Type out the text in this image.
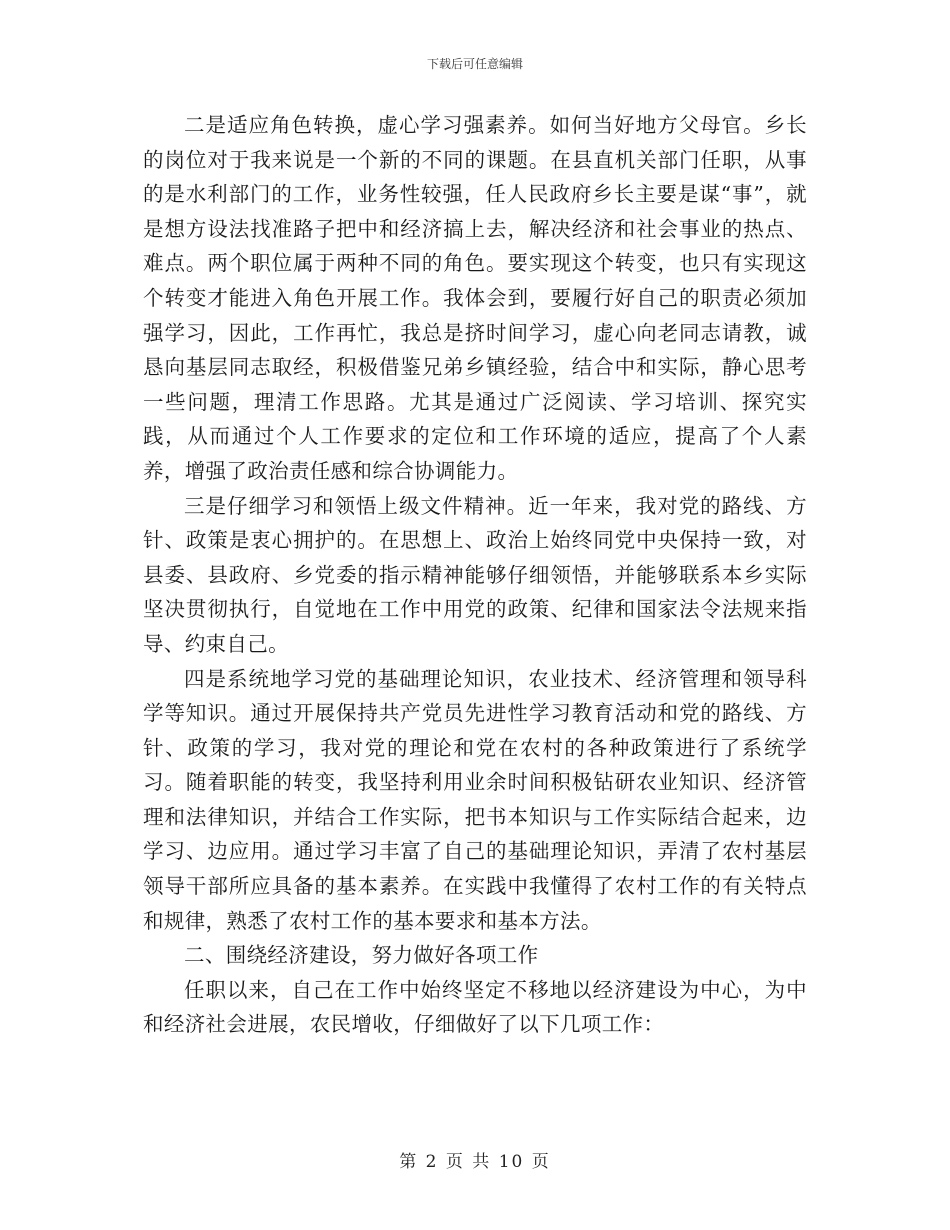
下载后可任意编辑

二是适应角色转换，虚心学习强素养。如何当好地方父母官。乡长的岗位对于我来说是一个新的不同的课题。在县直机关部门任职，从事的是水利部门的工作，业务性较强，任人民政府乡长主要是谋“事”，就是想方设法找准路子把中和经济搞上去，解决经济和社会事业的热点、难点。两个职位属于两种不同的角色。要实现这个转变，也只有实现这个转变才能进入角色开展工作。我体会到，要履行好自己的职责必须加强学习，因此，工作再忙，我总是挤时间学习，虚心向老同志请教，诚恳向基层同志取经，积极借鉴兄弟乡镇经验，结合中和实际，静心思考一些问题，理清工作思路。尤其是通过广泛阅读、学习培训、探究实践，从而通过个人工作要求的定位和工作环境的适应，提高了个人素养，增强了政治责任感和综合协调能力。

三是仔细学习和领悟上级文件精神。近一年来，我对党的路线、方针、政策是衷心拥护的。在思想上、政治上始终同党中央保持一致，对县委、县政府、乡党委的指示精神能够仔细领悟，并能够联系本乡实际坚决贯彻执行，自觉地在工作中用党的政策、纪律和国家法令法规来指导、约束自己。

四是系统地学习党的基础理论知识，农业技术、经济管理和领导科学等知识。通过开展保持共产党员先进性学习教育活动和党的路线、方针、政策的学习，我对党的理论和党在农村的各种政策进行了系统学习。随着职能的转变，我坚持利用业余时间积极钻研农业知识、经济管理和法律知识，并结合工作实际，把书本知识与工作实际结合起来，边学习、边应用。通过学习丰富了自己的基础理论知识，弄清了农村基层领导干部所应具备的基本素养。在实践中我懂得了农村工作的有关特点和规律，熟悉了农村工作的基本要求和基本方法。

二、围绕经济建设，努力做好各项工作

任职以来，自己在工作中始终坚定不移地以经济建设为中心，为中和经济社会进展，农民增收，仔细做好了以下几项工作：

第 2 页 共 10 页
